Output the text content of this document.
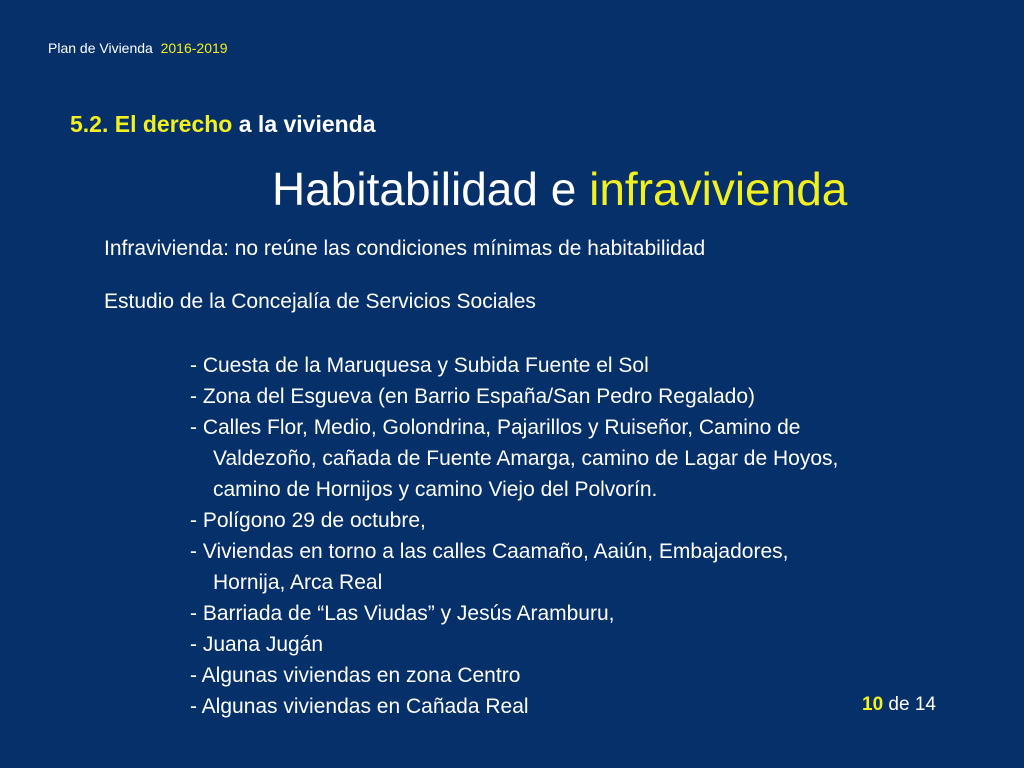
Plan de Vivienda 2016-2019
5.2. El derecho a la vivienda
Habitabilidad e infravivienda
Infravivienda: no reúne las condiciones mínimas de habitabilidad
Estudio de la Concejalía de Servicios Sociales
- Cuesta de la Maruquesa y Subida Fuente el Sol
- Zona del Esgueva (en Barrio España/San Pedro Regalado)
- Calles Flor, Medio, Golondrina, Pajarillos y Ruiseñor, Camino de
Valdezoño, cañada de Fuente Amarga, camino de Lagar de Hoyos,
camino de Hornijos y camino Viejo del Polvorín.
- Polígono 29 de octubre,
- Viviendas en torno a las calles Caamaño, Aaiún, Embajadores,
Hornija, Arca Real
- Barriada de “Las Viudas” y Jesús Aramburu,
- Juana Jugán
- Algunas viviendas en zona Centro
- Algunas viviendas en Cañada Real	10 de 14
